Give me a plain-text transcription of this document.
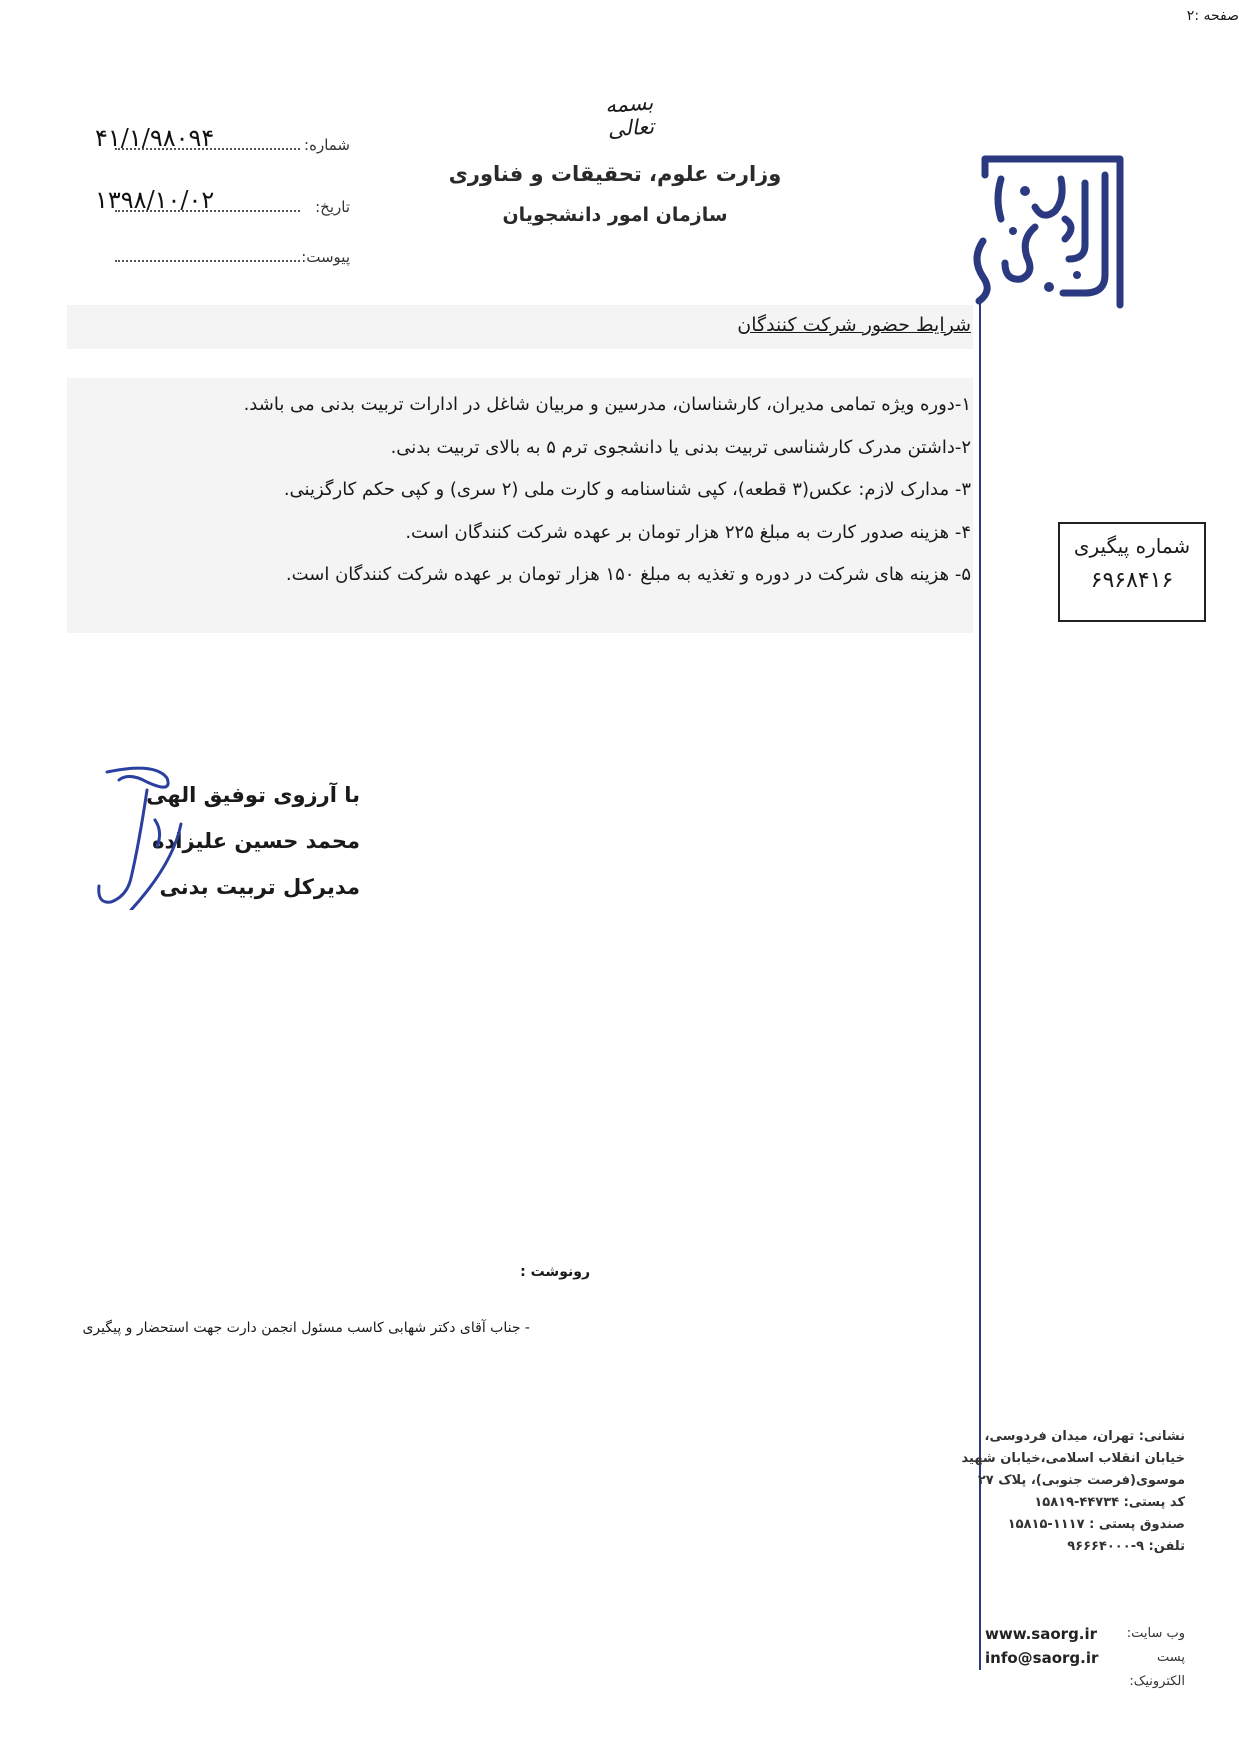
صفحه :۲
بسمه تعالی
وزارت علوم، تحقیقات و فناوری
سازمان امور دانشجویان
۴۱/۱/۹۸۰۹۴	شماره:
۱۳۹۸/۱۰/۰۲	تاریخ:
پیوست:
شرایط حضور شرکت کنندگان
۱-دوره ویژه تمامی مدیران، کارشناسان، مدرسین و مربیان شاغل در ادارات تربیت بدنی می باشد.
۲-داشتن مدرک کارشناسی تربیت بدنی یا دانشجوی ترم ۵ به بالای تربیت بدنی.
۳- مدارک لازم: عکس(۳ قطعه)، کپی شناسنامه و کارت ملی (۲ سری) و کپی حکم کارگزینی.
۴- هزینه صدور کارت به مبلغ ۲۲۵ هزار تومان بر عهده شرکت کنندگان است.
۵- هزینه های شرکت در دوره و تغذیه به مبلغ ۱۵۰ هزار تومان بر عهده شرکت کنندگان است.
شماره پیگیری
۶۹۶۸۴۱۶
با آرزوی توفیق الهی
محمد حسین علیزاده
مدیرکل تربیت بدنی
رونوشت :
- جناب آقای دکتر شهابی کاسب مسئول انجمن دارت جهت استحضار و پیگیری
نشانی: تهران، میدان فردوسی،
خیابان انقلاب اسلامی،خیابان شهید
موسوی(فرصت جنوبی)، پلاک ۲۷
کد پستی: ۴۴۷۳۴-۱۵۸۱۹
صندوق پستی : ۱۱۱۷-۱۵۸۱۵
تلفن: ۹-۹۶۶۶۴۰۰۰
وب سایت:
www.saorg.ir
پست الکترونیک:
info@saorg.ir
